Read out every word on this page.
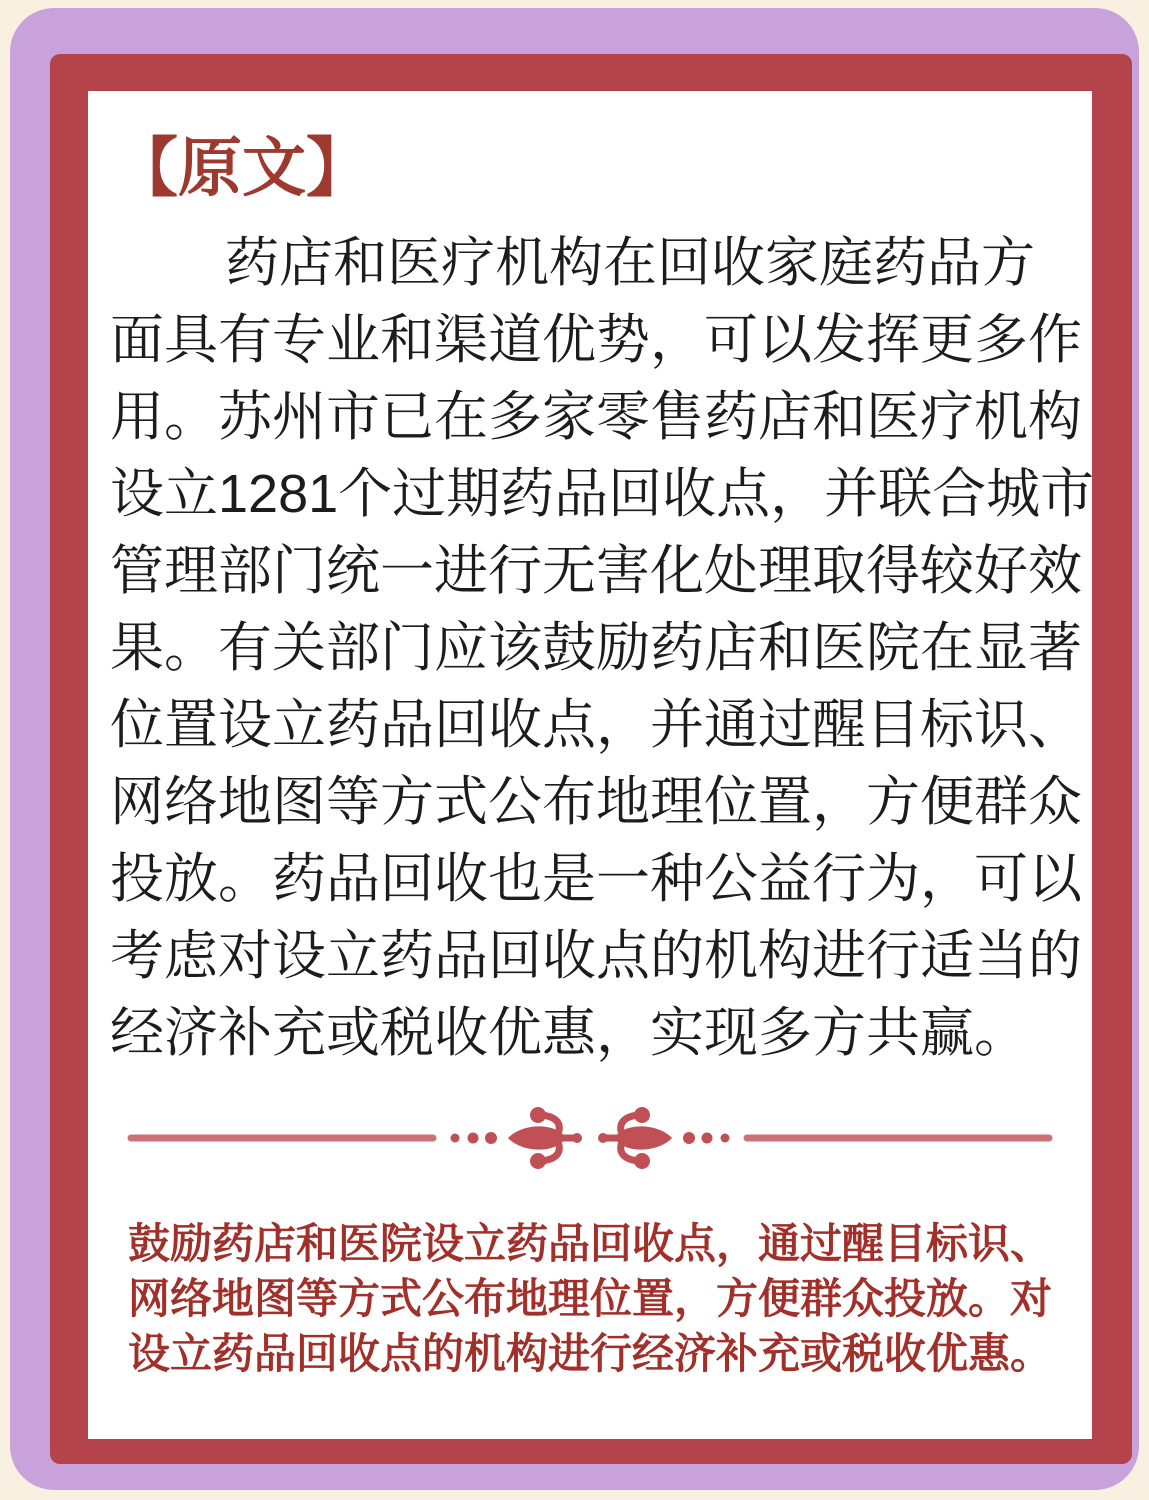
【原文】
药店和医疗机构在回收家庭药品方
面具有专业和渠道优势，可以发挥更多作
用。苏州市已在多家零售药店和医疗机构
设立1281个过期药品回收点，并联合城市
管理部门统一进行无害化处理取得较好效
果。有关部门应该鼓励药店和医院在显著
位置设立药品回收点，并通过醒目标识、
网络地图等方式公布地理位置，方便群众
投放。药品回收也是一种公益行为，可以
考虑对设立药品回收点的机构进行适当的
经济补充或税收优惠，实现多方共赢。
鼓励药店和医院设立药品回收点，通过醒目标识、
网络地图等方式公布地理位置，方便群众投放。对
设立药品回收点的机构进行经济补充或税收优惠。
